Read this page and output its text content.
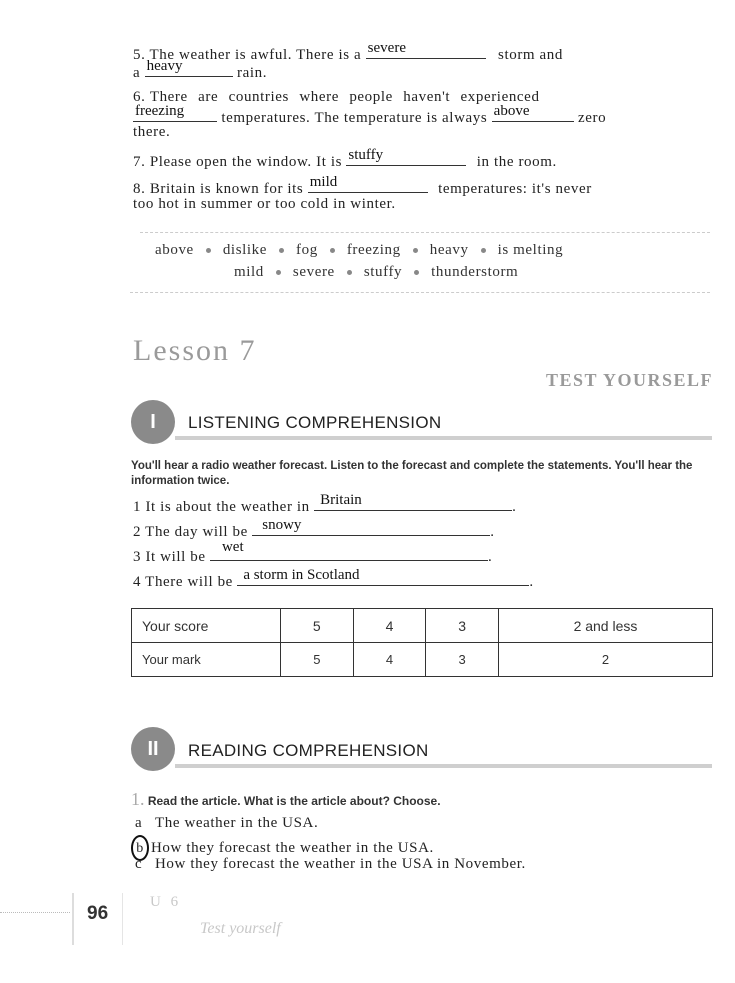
5. The weather is awful. There is a severe	storm and
a heavy	rain.
6. There are countries where people haven't experienced
freezing temperatures. The temperature is always above	zero
there.
7. Please open the window. It is stuffy	in the room.
8. Britain is known for its mild	temperatures: it's never
too hot in summer or too cold in winter.
above dislike fog freezing heavy is melting
mild severe stuffy thunderstorm
Lesson 7
TEST YOURSELF
I	LISTENING COMPREHENSION
You'll hear a radio weather forecast. Listen to the forecast and complete the statements. You'll hear the information twice.
1 It is about the weather in Britain	.
2 The day will be snowy	.
3 It will be
wet
.
4 There will be a storm in Scotland	.
Your score	5	4	3	2 and less
Your mark	5	4	3	2
II	READING COMPREHENSION
1. Read the article. What is the article about? Choose.
a The weather in the USA.
b How they forecast the weather in the USA.
c How they forecast the weather in the USA in November.
96
U 6
Test yourself
